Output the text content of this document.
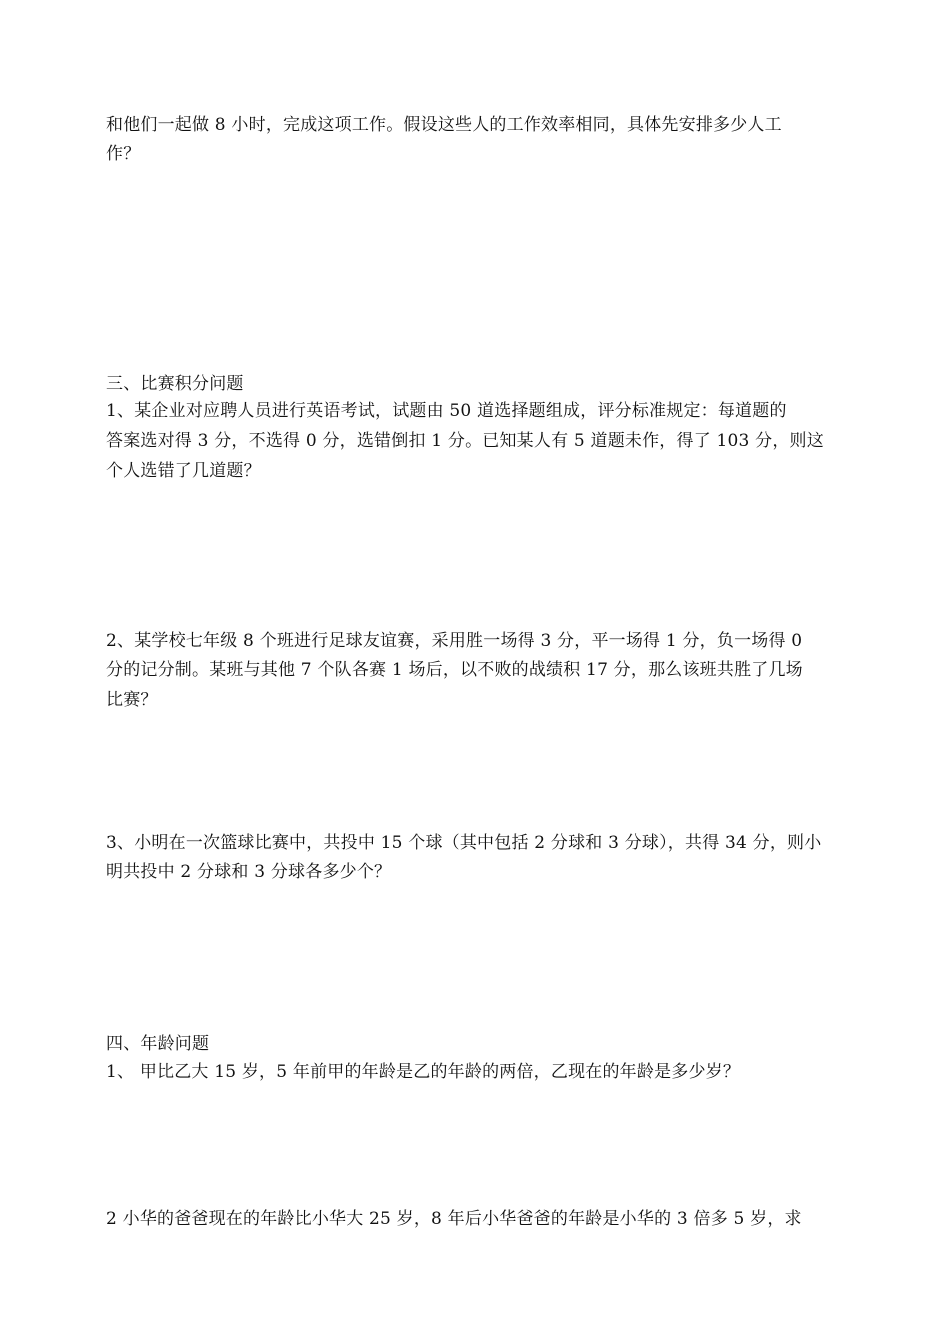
和他们一起做 8 小时，完成这项工作。假设这些人的工作效率相同，具体先安排多少人工
作？
三、比赛积分问题
1、某企业对应聘人员进行英语考试，试题由 50 道选择题组成，评分标准规定：每道题的
答案选对得 3 分，不选得 0 分，选错倒扣 1 分。已知某人有 5 道题未作，得了 103 分，则这
个人选错了几道题？
2、某学校七年级 8 个班进行足球友谊赛，采用胜一场得 3 分，平一场得 1 分，负一场得 0
分的记分制。某班与其他 7 个队各赛 1 场后，以不败的战绩积 17 分，那么该班共胜了几场
比赛？
3、小明在一次篮球比赛中，共投中 15 个球（其中包括 2 分球和 3 分球），共得 34 分，则小
明共投中 2 分球和 3 分球各多少个？
四、年龄问题
1、 甲比乙大 15 岁，5 年前甲的年龄是乙的年龄的两倍，乙现在的年龄是多少岁？
2 小华的爸爸现在的年龄比小华大 25 岁，8 年后小华爸爸的年龄是小华的 3 倍多 5 岁，求
